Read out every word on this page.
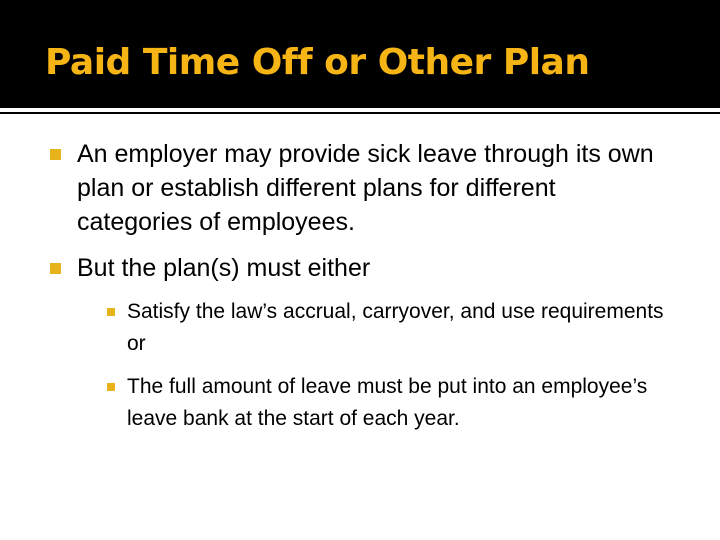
Paid Time Off or Other Plan
An employer may provide sick leave through its own plan or establish different plans for different categories of employees.
But the plan(s) must either
Satisfy the law’s accrual, carryover, and use requirements or
The full amount of leave must be put into an employee’s leave bank at the start of each year.
